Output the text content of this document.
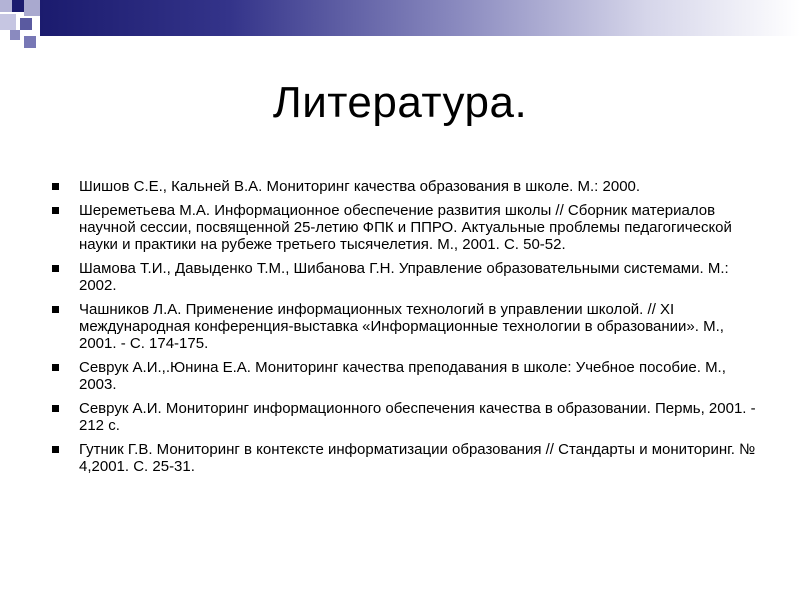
Литература.
Шишов С.Е., Кальней В.А. Мониторинг качества образования в школе. М.: 2000.
Шереметьева М.А. Информационное обеспечение развития школы // Сборник материалов научной сессии, посвященной 25-летию ФПК и ППРО. Актуальные проблемы педагогической науки и практики на рубеже третьего тысячелетия. М., 2001. С. 50-52.
Шамова Т.И., Давыденко Т.М., Шибанова Г.Н. Управление образовательными системами. М.: 2002.
Чашников Л.А. Применение информационных технологий в управлении школой. // XI международная конференция-выставка «Информационные технологии в образовании». М., 2001. - С. 174-175.
Севрук А.И.,.Юнина Е.А. Мониторинг качества преподавания в школе: Учебное пособие. М., 2003.
Севрук А.И. Мониторинг информационного обеспечения качества в образовании. Пермь, 2001. - 212 с.
Гутник Г.В. Мониторинг в контексте информатизации образования // Стандарты и мониторинг. № 4,2001. С. 25-31.
